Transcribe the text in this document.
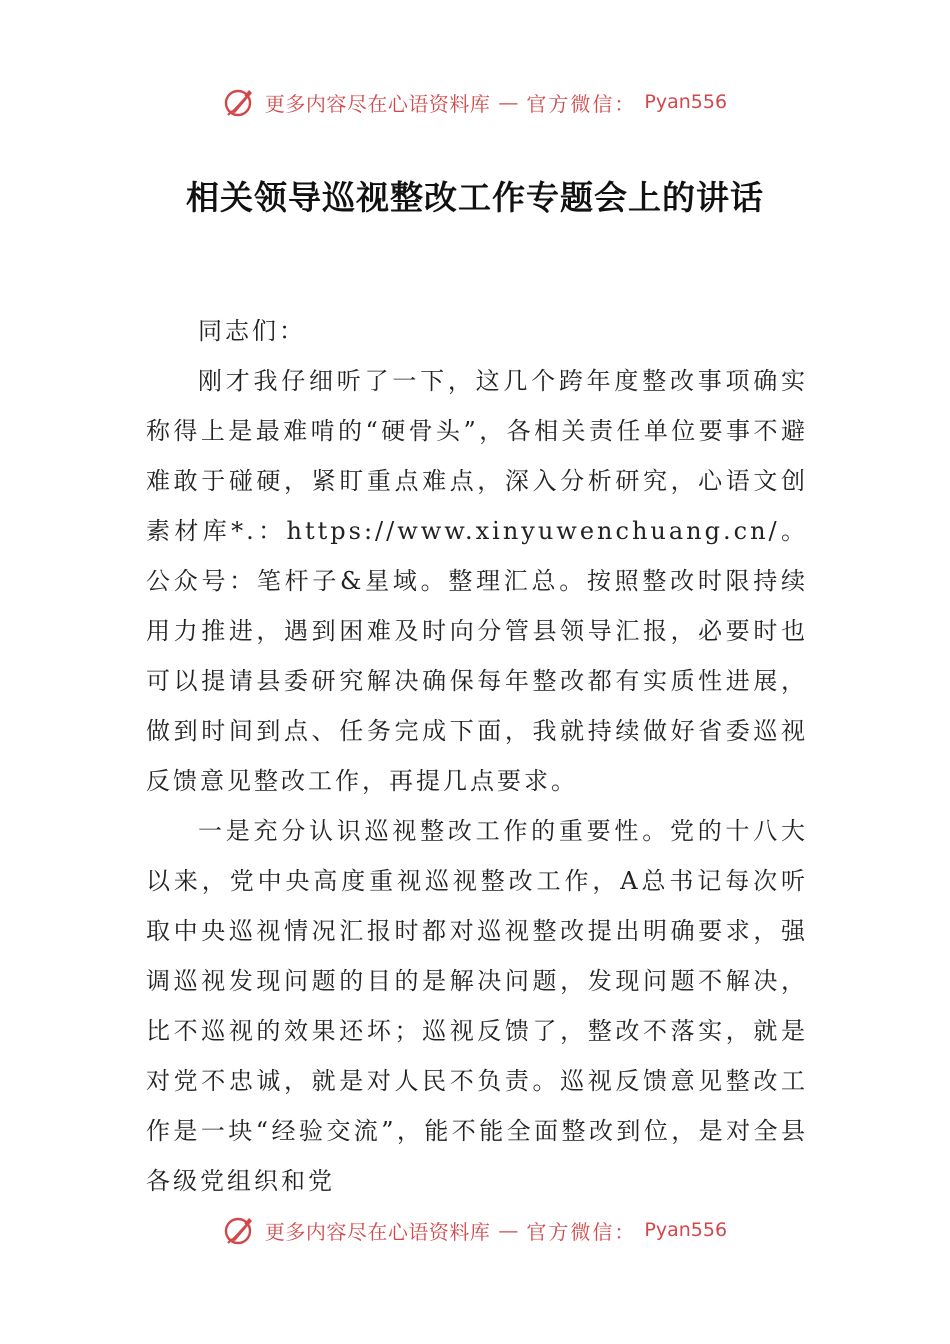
更多内容尽在心语资料库 — 官方微信： Pyan556
相关领导巡视整改工作专题会上的讲话

同志们：

刚才我仔细听了一下，这几个跨年度整改事项确实称得上是最难啃的“硬骨头”，各相关责任单位要事不避难敢于碰硬，紧盯重点难点，深入分析研究，心语文创素材库*.：https://www.xinyuwenchuang.cn/。公众号：笔杆子&星域。整理汇总。按照整改时限持续用力推进，遇到困难及时向分管县领导汇报，必要时也可以提请县委研究解决确保每年整改都有实质性进展，做到时间到点、任务完成下面，我就持续做好省委巡视反馈意见整改工作，再提几点要求。

一是充分认识巡视整改工作的重要性。党的十八大以来，党中央高度重视巡视整改工作，A总书记每次听取中央巡视情况汇报时都对巡视整改提出明确要求，强调巡视发现问题的目的是解决问题，发现问题不解决，比不巡视的效果还坏；巡视反馈了，整改不落实，就是对党不忠诚，就是对人民不负责。巡视反馈意见整改工作是一块“经验交流”，能不能全面整改到位，是对全县各级党组织和党

更多内容尽在心语资料库 — 官方微信： Pyan556
